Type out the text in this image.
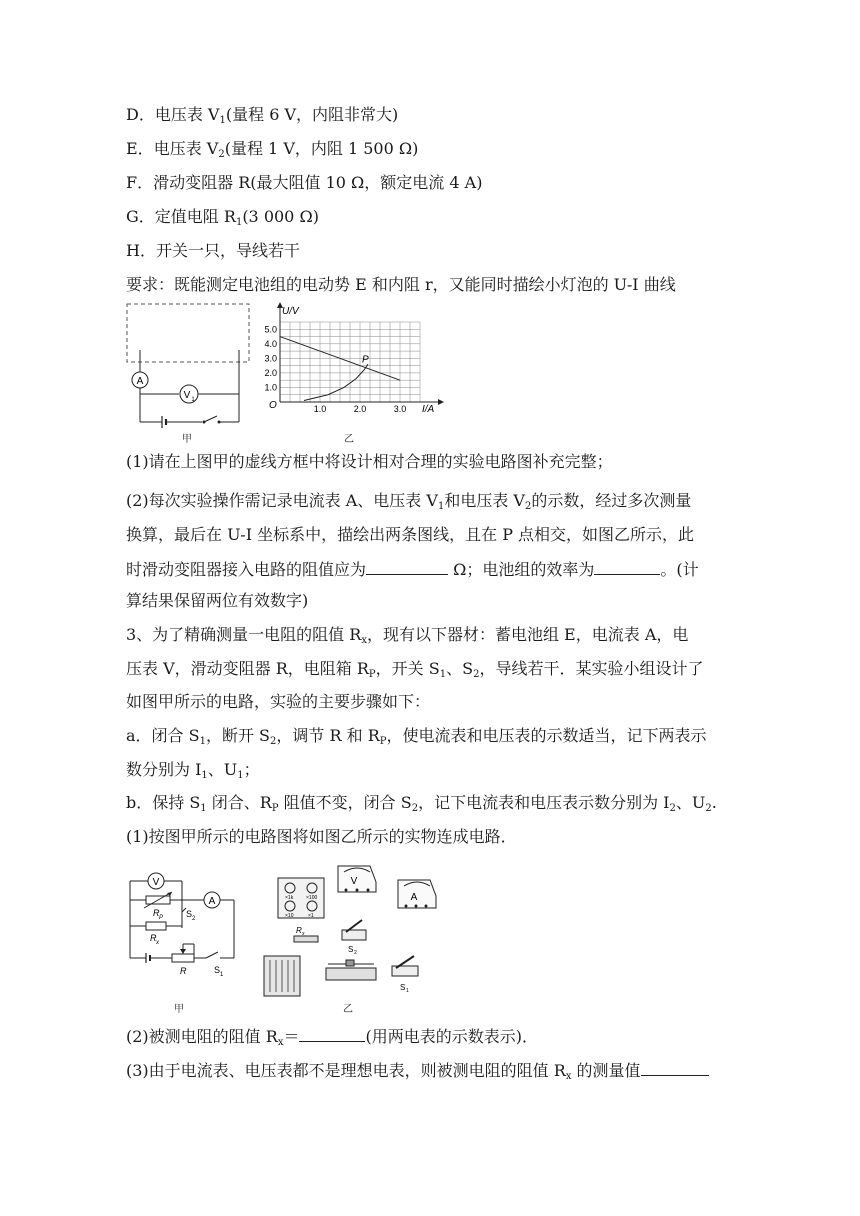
D．电压表 $V_1$(量程 6 V，内阻非常大)
E．电压表 $V_2$(量程 1 V，内阻 1 500 Ω)
F．滑动变阻器 R(最大阻值 10 Ω，额定电流 4 A)
G．定值电阻 $R_1(3$ 000 Ω)
H．开关一只，导线若干
要求：既能测定电池组的电动势 E 和内阻 r，又能同时描绘小灯泡的 U-I 曲线
A
V 1
甲
1.0	2.0	3.0
1.0
2.0
3.0
4.0
5.0
U/V
I/A
O
P
乙
(1)请在上图甲的虚线方框中将设计相对合理的实验电路图补充完整；
(2)每次实验操作需记录电流表 A、电压表 $V_1$和电压表 $V_2$的示数，经过多次测量
换算，最后在 U-I 坐标系中，描绘出两条图线，且在 P 点相交，如图乙所示，此
时滑动变阻器接入电路的阻值应为	Ω；电池组的效率为	。(计
算结果保留两位有效数字)
3、为了精确测量一电阻的阻值 $R_x$，现有以下器材：蓄电池组 E，电流表 A，电
压表 V，滑动变阻器 R，电阻箱 $R_P$，开关 $S_1$、$S_2$，导线若干．某实验小组设计了
如图甲所示的电路，实验的主要步骤如下：
a．闭合 $S_1$，断开 $S_2$，调节 R 和 $R_P$，使电流表和电压表的示数适当，记下两表示
数分别为 $I_1$、$U_1$；
b．保持 $S_1$ 闭合、$R_P$ 阻值不变，闭合 $S_2$，记下电流表和电压表示数分别为 $I_2$、$U_2$.
(1)按图甲所示的电路图将如图乙所示的实物连成电路．
V
R P	S 2
A
R x
R	S 1
甲
×1k	×100
×10	×1
V
A
R x
S 2
S 1
乙
(2)被测电阻的阻值 $R_x=$	(用两电表的示数表示)．
(3)由于电流表、电压表都不是理想电表，则被测电阻的阻值 $R_x$ 的测量值
